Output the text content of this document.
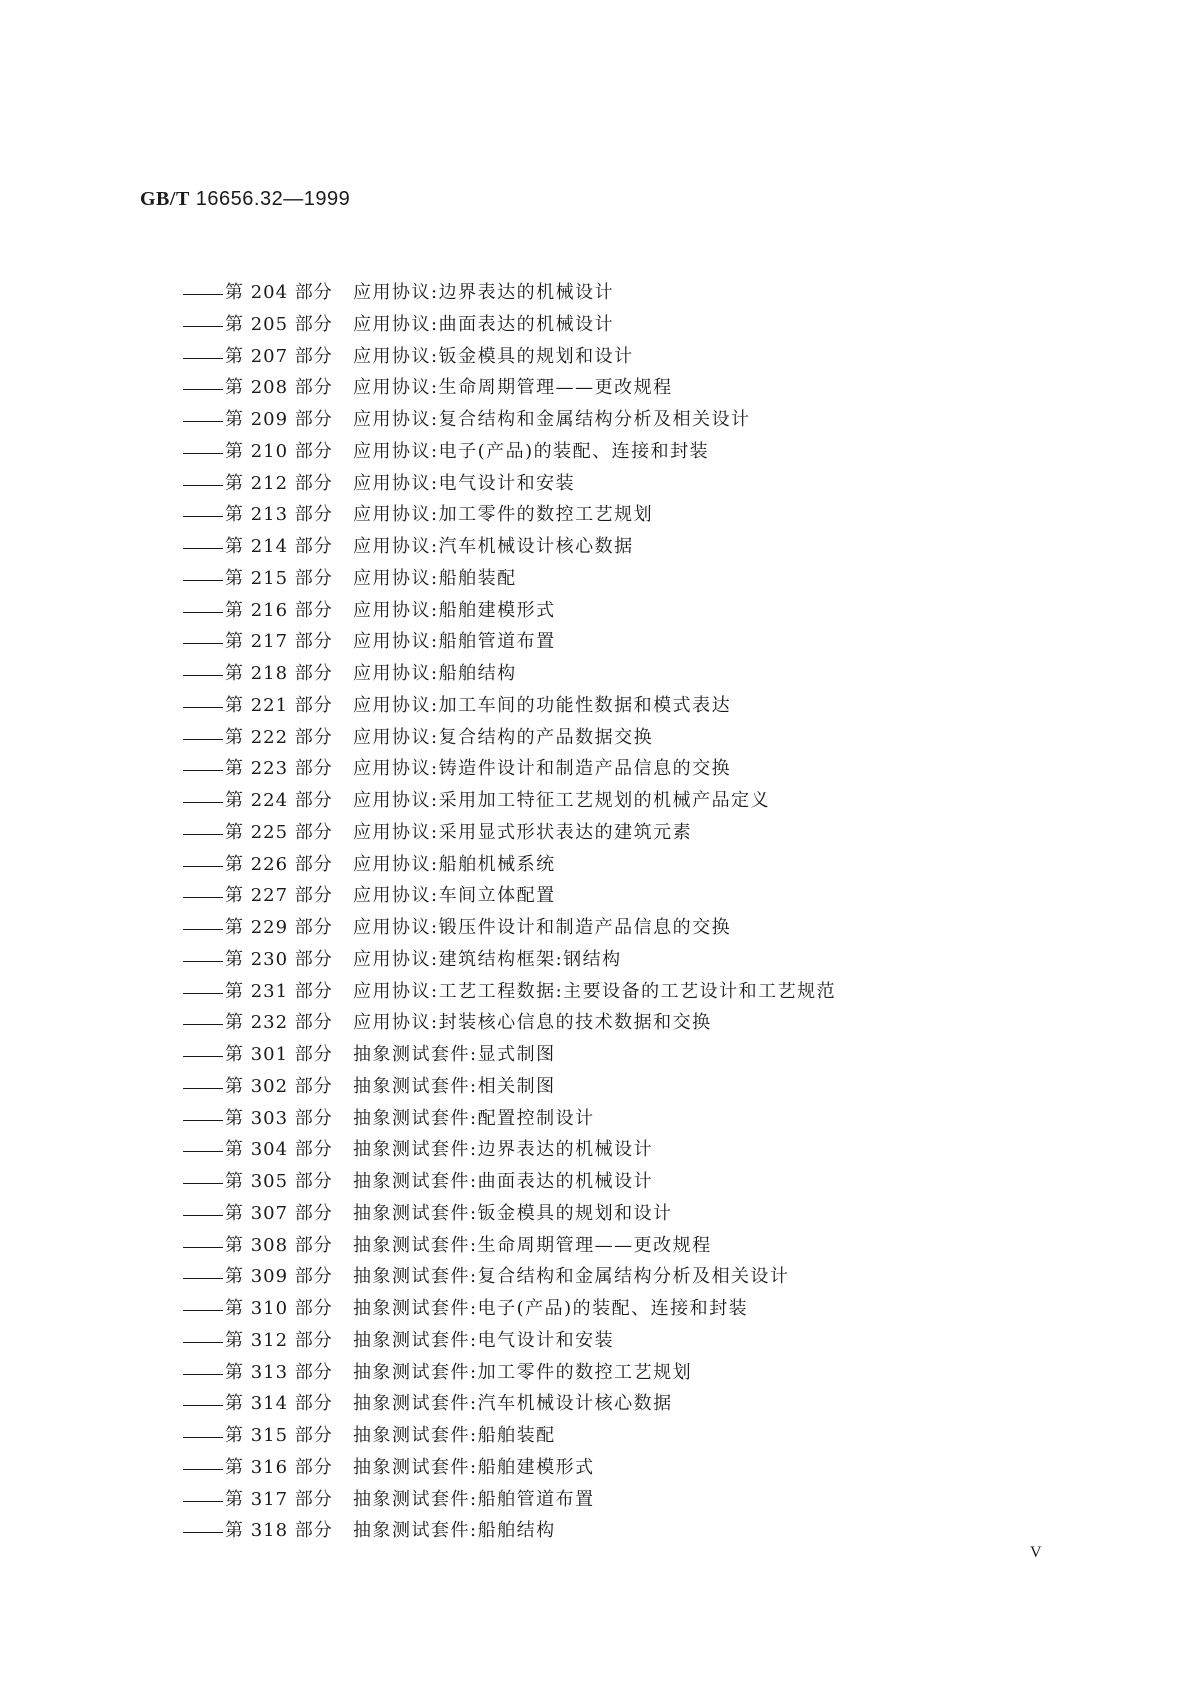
GB/T 16656.32—1999
第 204 部分	应用协议:边界表达的机械设计
第 205 部分	应用协议:曲面表达的机械设计
第 207 部分	应用协议:钣金模具的规划和设计
第 208 部分	应用协议:生命周期管理——更改规程
第 209 部分	应用协议:复合结构和金属结构分析及相关设计
第 210 部分	应用协议:电子(产品)的装配、连接和封装
第 212 部分	应用协议:电气设计和安装
第 213 部分	应用协议:加工零件的数控工艺规划
第 214 部分	应用协议:汽车机械设计核心数据
第 215 部分	应用协议:船舶装配
第 216 部分	应用协议:船舶建模形式
第 217 部分	应用协议:船舶管道布置
第 218 部分	应用协议:船舶结构
第 221 部分	应用协议:加工车间的功能性数据和模式表达
第 222 部分	应用协议:复合结构的产品数据交换
第 223 部分	应用协议:铸造件设计和制造产品信息的交换
第 224 部分	应用协议:采用加工特征工艺规划的机械产品定义
第 225 部分	应用协议:采用显式形状表达的建筑元素
第 226 部分	应用协议:船舶机械系统
第 227 部分	应用协议:车间立体配置
第 229 部分	应用协议:锻压件设计和制造产品信息的交换
第 230 部分	应用协议:建筑结构框架:钢结构
第 231 部分	应用协议:工艺工程数据:主要设备的工艺设计和工艺规范
第 232 部分	应用协议:封装核心信息的技术数据和交换
第 301 部分	抽象测试套件:显式制图
第 302 部分	抽象测试套件:相关制图
第 303 部分	抽象测试套件:配置控制设计
第 304 部分	抽象测试套件:边界表达的机械设计
第 305 部分	抽象测试套件:曲面表达的机械设计
第 307 部分	抽象测试套件:钣金模具的规划和设计
第 308 部分	抽象测试套件:生命周期管理——更改规程
第 309 部分	抽象测试套件:复合结构和金属结构分析及相关设计
第 310 部分	抽象测试套件:电子(产品)的装配、连接和封装
第 312 部分	抽象测试套件:电气设计和安装
第 313 部分	抽象测试套件:加工零件的数控工艺规划
第 314 部分	抽象测试套件:汽车机械设计核心数据
第 315 部分	抽象测试套件:船舶装配
第 316 部分	抽象测试套件:船舶建模形式
第 317 部分	抽象测试套件:船舶管道布置
第 318 部分	抽象测试套件:船舶结构
V
